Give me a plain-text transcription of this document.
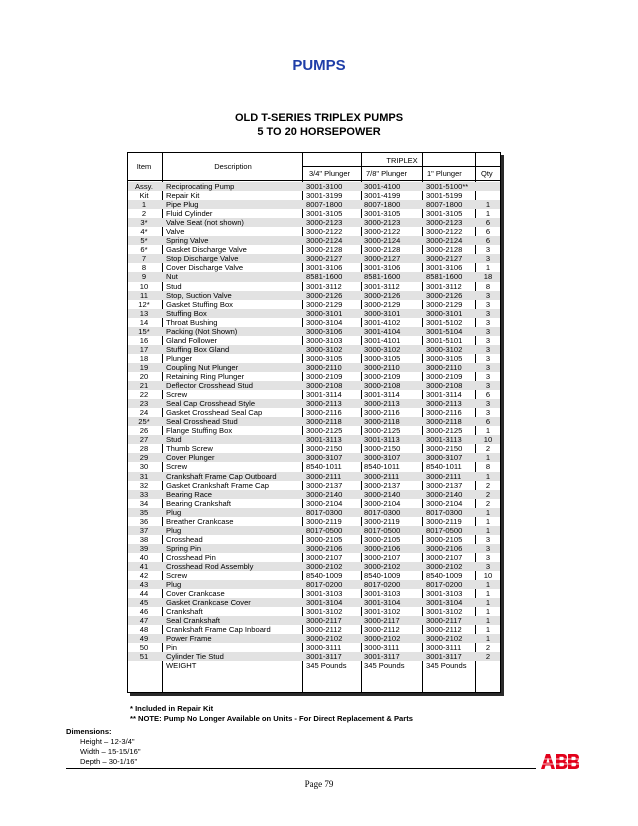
PUMPS
OLD T-SERIES TRIPLEX PUMPS
5 TO 20 HORSEPOWER
Item	Description
TRIPLEX
3/4" Plunger 7/8" Plunger	1" Plunger	Qty
Assy.	Reciprocating Pump	3001-3100	3001-4100	3001-5100**
Kit	Repair Kit	3001-3199	3001-4199	3001-5199
1	Pipe Plug	8007-1800	8007-1800	8007-1800	1
2	Fluid Cylinder	3001-3105	3001-3105	3001-3105	1
3*	Valve Seat (not shown)	3000-2123	3000-2123	3000-2123	6
4*	Valve	3000-2122	3000-2122	3000-2122	6
5*	Spring Valve	3000-2124	3000-2124	3000-2124	6
6*	Gasket Discharge Valve	3000-2128	3000-2128	3000-2128	3
7	Stop Discharge Valve	3000-2127	3000-2127	3000-2127	3
8	Cover Discharge Valve	3001-3106	3001-3106	3001-3106	1
9	Nut	8581-1600	8581-1600	8581-1600	18
10	Stud	3001-3112	3001-3112	3001-3112	8
11	Stop, Suction Valve	3000-2126	3000-2126	3000-2126	3
12*	Gasket Stuffing Box	3000-2129	3000-2129	3000-2129	3
13	Stuffing Box	3000-3101	3000-3101	3000-3101	3
14	Throat Bushing	3000-3104	3001-4102	3001-5102	3
15*	Packing (Not Shown)	3000-3106	3001-4104	3001-5104	3
16	Gland Follower	3000-3103	3001-4101	3001-5101	3
17	Stuffing Box Gland	3000-3102	3000-3102	3000-3102	3
18	Plunger	3000-3105	3000-3105	3000-3105	3
19	Coupling Nut Plunger	3000-2110	3000-2110	3000-2110	3
20	Retaining Ring Plunger	3000-2109	3000-2109	3000-2109	3
21	Deflector Crosshead Stud	3000-2108	3000-2108	3000-2108	3
22	Screw	3001-3114	3001-3114	3001-3114	6
23	Seal Cap Crosshead Style	3000-2113	3000-2113	3000-2113	3
24	Gasket Crosshead Seal Cap	3000-2116	3000-2116	3000-2116	3
25*	Seal Crosshead Stud	3000-2118	3000-2118	3000-2118	6
26	Flange Stuffing Box	3000-2125	3000-2125	3000-2125	1
27	Stud	3001-3113	3001-3113	3001-3113	10
28	Thumb Screw	3000-2150	3000-2150	3000-2150	2
29	Cover Plunger	3000-3107	3000-3107	3000-3107	1
30	Screw	8540-1011	8540-1011	8540-1011	8
31	Crankshaft Frame Cap Outboard	3000-2111	3000-2111	3000-2111	1
32	Gasket Crankshaft Frame Cap	3000-2137	3000-2137	3000-2137	2
33	Bearing Race	3000-2140	3000-2140	3000-2140	2
34	Bearing Crankshaft	3000-2104	3000-2104	3000-2104	2
35	Plug	8017-0300	8017-0300	8017-0300	1
36	Breather Crankcase	3000-2119	3000-2119	3000-2119	1
37	Plug	8017-0500	8017-0500	8017-0500	1
38	Crosshead	3000-2105	3000-2105	3000-2105	3
39	Spring Pin	3000-2106	3000-2106	3000-2106	3
40	Crosshead Pin	3000-2107	3000-2107	3000-2107	3
41	Crosshead Rod Assembly	3000-2102	3000-2102	3000-2102	3
42	Screw	8540-1009	8540-1009	8540-1009	10
43	Plug	8017-0200	8017-0200	8017-0200	1
44	Cover Crankcase	3001-3103	3001-3103	3001-3103	1
45	Gasket Crankcase Cover	3001-3104	3001-3104	3001-3104	1
46	Crankshaft	3001-3102	3001-3102	3001-3102	1
47	Seal Crankshaft	3000-2117	3000-2117	3000-2117	1
48	Crankshaft Frame Cap Inboard	3000-2112	3000-2112	3000-2112	1
49	Power Frame	3000-2102	3000-2102	3000-2102	1
50	Pin	3000-3111	3000-3111	3000-3111	2
51	Cylinder Tie Stud	3001-3117	3001-3117	3001-3117	2
WEIGHT	345 Pounds 345 Pounds	345 Pounds
* Included in Repair Kit
** NOTE: Pump No Longer Available on Units - For Direct Replacement & Parts
Dimensions:
Height – 12-3/4"
Width – 15-15/16"
Depth – 30-1/16"
Page 79
